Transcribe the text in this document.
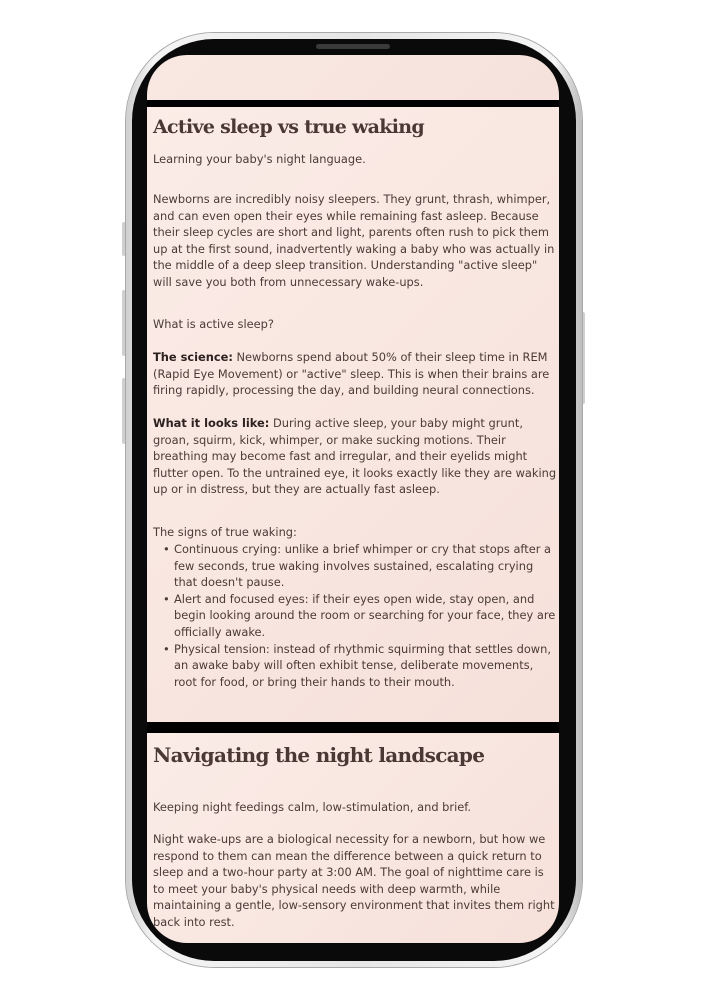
Active sleep vs true waking

Learning your baby's night language.

Newborns are incredibly noisy sleepers. They grunt, thrash, whimper, and can even open their eyes while remaining fast asleep. Because their sleep cycles are short and light, parents often rush to pick them up at the first sound, inadvertently waking a baby who was actually in the middle of a deep sleep transition. Understanding "active sleep" will save you both from unnecessary wake-ups.

What is active sleep?

The science: Newborns spend about 50% of their sleep time in REM (Rapid Eye Movement) or "active" sleep. This is when their brains are firing rapidly, processing the day, and building neural connections.

What it looks like: During active sleep, your baby might grunt, groan, squirm, kick, whimper, or make sucking motions. Their breathing may become fast and irregular, and their eyelids might flutter open. To the untrained eye, it looks exactly like they are waking up or in distress, but they are actually fast asleep.

The signs of true waking:

• Continuous crying: unlike a brief whimper or cry that stops after a few seconds, true waking involves sustained, escalating crying that doesn't pause.
• Alert and focused eyes: if their eyes open wide, stay open, and begin looking around the room or searching for your face, they are officially awake.
• Physical tension: instead of rhythmic squirming that settles down, an awake baby will often exhibit tense, deliberate movements, root for food, or bring their hands to their mouth.
Navigating the night landscape

Keeping night feedings calm, low-stimulation, and brief.

Night wake-ups are a biological necessity for a newborn, but how we respond to them can mean the difference between a quick return to sleep and a two-hour party at 3:00 AM. The goal of nighttime care is to meet your baby's physical needs with deep warmth, while maintaining a gentle, low-sensory environment that invites them right back into rest.
